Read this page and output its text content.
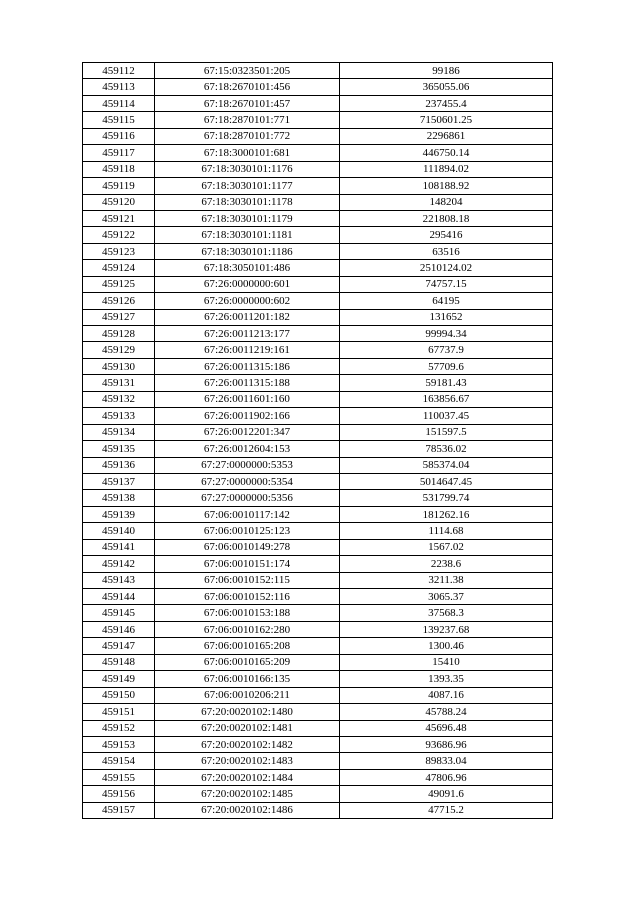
459112	67:15:0323501:205	99186
459113	67:18:2670101:456	365055.06
459114	67:18:2670101:457	237455.4
459115	67:18:2870101:771	7150601.25
459116	67:18:2870101:772	2296861
459117	67:18:3000101:681	446750.14
459118	67:18:3030101:1176	111894.02
459119	67:18:3030101:1177	108188.92
459120	67:18:3030101:1178	148204
459121	67:18:3030101:1179	221808.18
459122	67:18:3030101:1181	295416
459123	67:18:3030101:1186	63516
459124	67:18:3050101:486	2510124.02
459125	67:26:0000000:601	74757.15
459126	67:26:0000000:602	64195
459127	67:26:0011201:182	131652
459128	67:26:0011213:177	99994.34
459129	67:26:0011219:161	67737.9
459130	67:26:0011315:186	57709.6
459131	67:26:0011315:188	59181.43
459132	67:26:0011601:160	163856.67
459133	67:26:0011902:166	110037.45
459134	67:26:0012201:347	151597.5
459135	67:26:0012604:153	78536.02
459136	67:27:0000000:5353	585374.04
459137	67:27:0000000:5354	5014647.45
459138	67:27:0000000:5356	531799.74
459139	67:06:0010117:142	181262.16
459140	67:06:0010125:123	1114.68
459141	67:06:0010149:278	1567.02
459142	67:06:0010151:174	2238.6
459143	67:06:0010152:115	3211.38
459144	67:06:0010152:116	3065.37
459145	67:06:0010153:188	37568.3
459146	67:06:0010162:280	139237.68
459147	67:06:0010165:208	1300.46
459148	67:06:0010165:209	15410
459149	67:06:0010166:135	1393.35
459150	67:06:0010206:211	4087.16
459151	67:20:0020102:1480	45788.24
459152	67:20:0020102:1481	45696.48
459153	67:20:0020102:1482	93686.96
459154	67:20:0020102:1483	89833.04
459155	67:20:0020102:1484	47806.96
459156	67:20:0020102:1485	49091.6
459157	67:20:0020102:1486	47715.2
